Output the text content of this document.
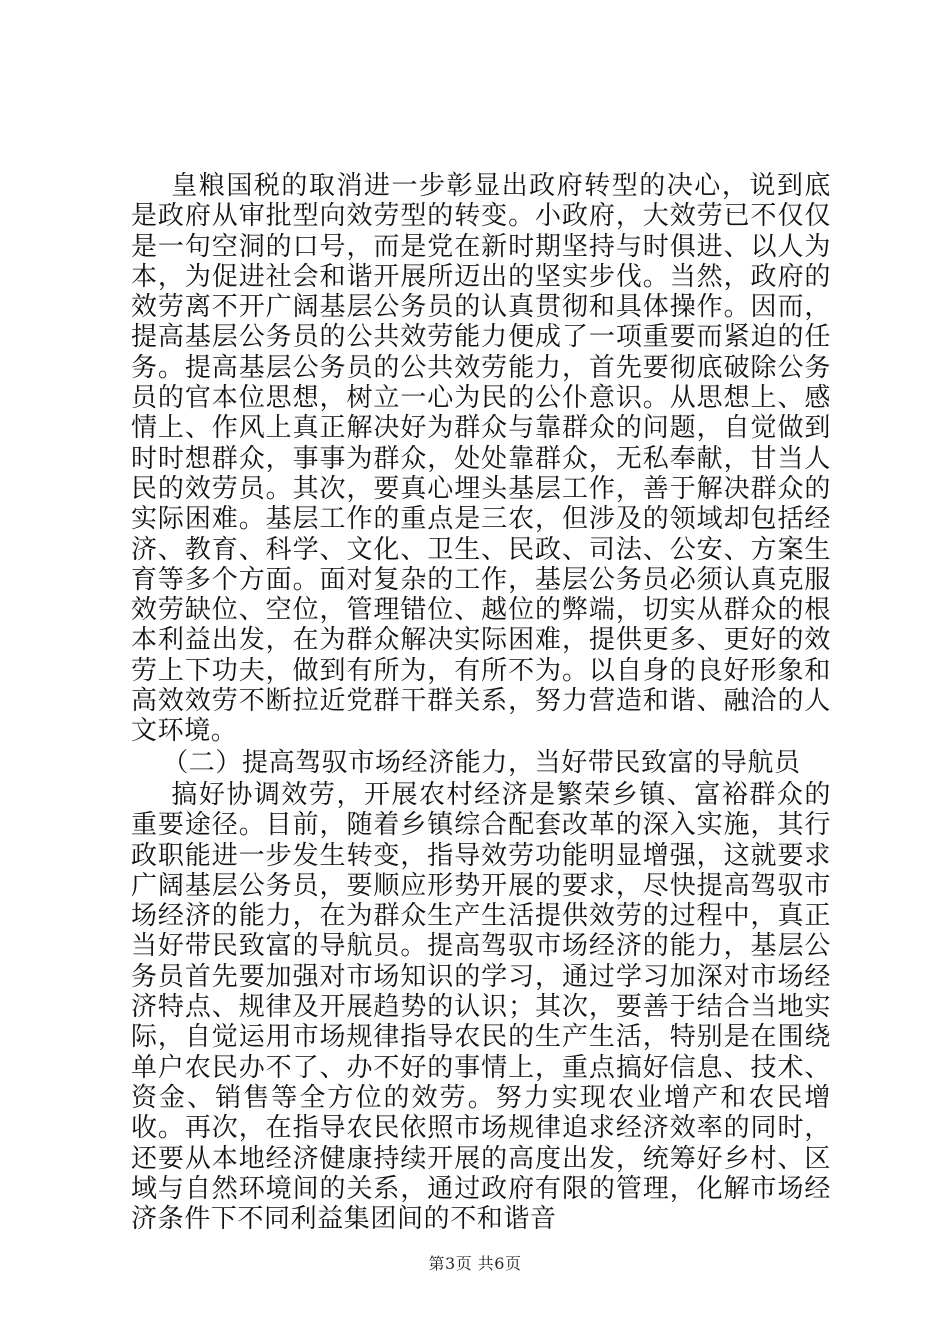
皇粮国税的取消进一步彰显出政府转型的决心，说到底是政府从审批型向效劳型的转变。小政府，大效劳已不仅仅是一句空洞的口号，而是党在新时期坚持与时俱进、以人为本，为促进社会和谐开展所迈出的坚实步伐。当然，政府的效劳离不开广阔基层公务员的认真贯彻和具体操作。因而，提高基层公务员的公共效劳能力便成了一项重要而紧迫的任务。提高基层公务员的公共效劳能力，首先要彻底破除公务员的官本位思想，树立一心为民的公仆意识。从思想上、感情上、作风上真正解决好为群众与靠群众的问题，自觉做到时时想群众，事事为群众，处处靠群众，无私奉献，甘当人民的效劳员。其次，要真心埋头基层工作，善于解决群众的实际困难。基层工作的重点是三农，但涉及的领域却包括经济、教育、科学、文化、卫生、民政、司法、公安、方案生育等多个方面。面对复杂的工作，基层公务员必须认真克服效劳缺位、空位，管理错位、越位的弊端，切实从群众的根本利益出发，在为群众解决实际困难，提供更多、更好的效劳上下功夫，做到有所为，有所不为。以自身的良好形象和高效效劳不断拉近党群干群关系，努力营造和谐、融洽的人文环境。

（二）提高驾驭市场经济能力，当好带民致富的导航员

搞好协调效劳，开展农村经济是繁荣乡镇、富裕群众的重要途径。目前，随着乡镇综合配套改革的深入实施，其行政职能进一步发生转变，指导效劳功能明显增强，这就要求广阔基层公务员，要顺应形势开展的要求，尽快提高驾驭市场经济的能力，在为群众生产生活提供效劳的过程中，真正当好带民致富的导航员。提高驾驭市场经济的能力，基层公务员首先要加强对市场知识的学习，通过学习加深对市场经济特点、规律及开展趋势的认识；其次，要善于结合当地实际，自觉运用市场规律指导农民的生产生活，特别是在围绕单户农民办不了、办不好的事情上，重点搞好信息、技术、资金、销售等全方位的效劳。努力实现农业增产和农民增收。再次，在指导农民依照市场规律追求经济效率的同时，还要从本地经济健康持续开展的高度出发，统筹好乡村、区域与自然环境间的关系，通过政府有限的管理，化解市场经济条件下不同利益集团间的不和谐音

第3页 共6页
